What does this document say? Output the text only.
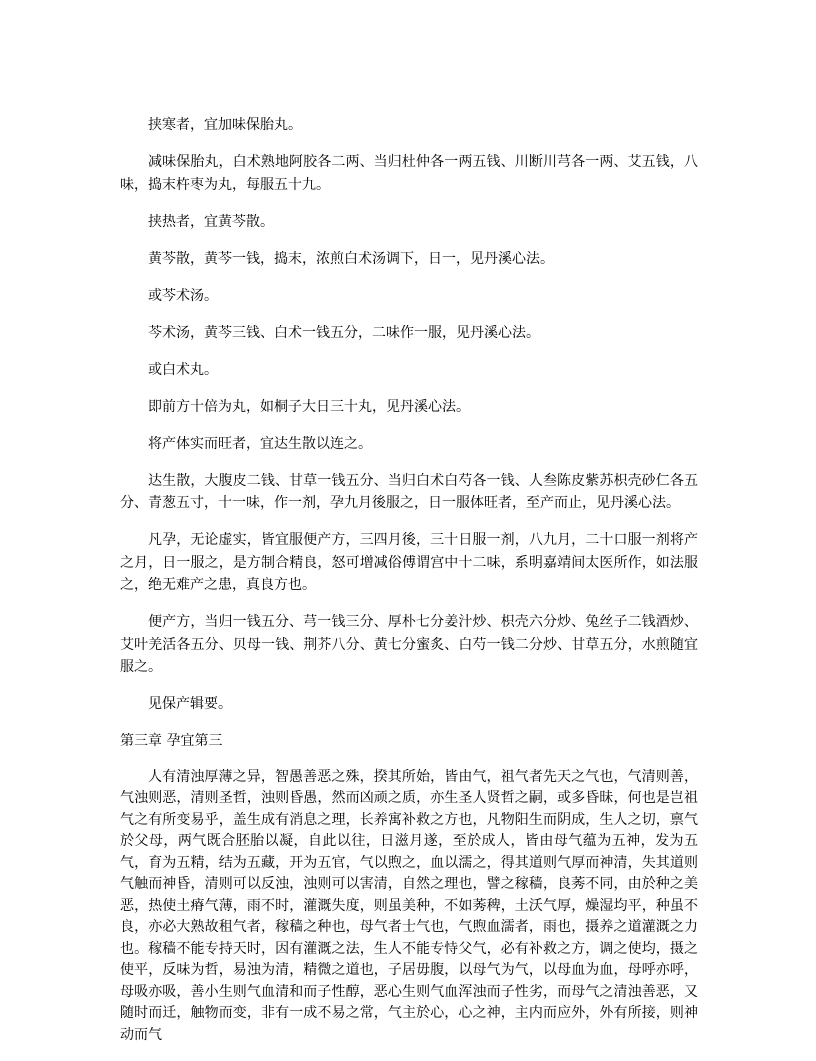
挟寒者，宜加味保胎丸。

减味保胎丸，白术熟地阿胶各二两、当归杜仲各一两五钱、川断川芎各一两、艾五钱，八味，捣末杵枣为丸，每服五十九。

挟热者，宜黄芩散。

黄芩散，黄芩一钱，捣末，浓煎白术汤调下，日一，见丹溪心法。

或芩术汤。

芩术汤，黄芩三钱、白术一钱五分，二味作一服，见丹溪心法。

或白术丸。

即前方十倍为丸，如桐子大日三十丸，见丹溪心法。

将产体实而旺者，宜达生散以连之。

达生散，大腹皮二钱、甘草一钱五分、当归白术白芍各一钱、人叁陈皮紫苏枳壳砂仁各五分、青葱五寸，十一味，作一剂，孕九月後服之，日一服体旺者，至产而止，见丹溪心法。

凡孕，无论虚实，皆宜服便产方，三四月後，三十日服一剂，八九月，二十口服一剂将产之月，日一服之，是方制合精良，怒可增减俗傅谓宫中十二味，系明嘉靖间太医所作，如法服之，绝无难产之患，真良方也。

便产方，当归一钱五分、芎一钱三分、厚朴七分姜汁炒、枳壳六分炒、兔丝子二钱酒炒、艾叶羌活各五分、贝母一钱、荆芥八分、黄七分蜜炙、白芍一钱二分炒、甘草五分，水煎随宜服之。

见保产辑要。

第三章 孕宜第三

人有清浊厚薄之异，智愚善恶之殊，揆其所始，皆由气，祖气者先天之气也，气清则善，气浊则恶，清则圣哲，浊则昏愚，然而凶顽之质，亦生圣人贤哲之嗣，或多昏昧，何也是岂祖气之有所变易乎，盖生成有消息之理，长养寓补救之方也，凡物阳生而阴成，生人之切，禀气於父母，两气既合胚胎以凝，自此以往，日滋月遂，至於成人，皆由母气蕴为五神，发为五气，育为五精，结为五藏，开为五官，气以煦之，血以濡之，得其道则气厚而神清，失其道则气触而神昏，清则可以反浊，浊则可以害清，自然之理也，譬之稼穑，良莠不同，由於种之美恶，热使土瘠气薄，雨不时，灌溉失度，则虽美种，不如莠稗，土沃气厚，燥湿均平，种虽不良，亦必大熟故租气者，稼穑之种也，母气者士气也，气煦血濡者，雨也，摄养之道灌溉之力也。稼穑不能专持天时，因有灌溉之法，生人不能专恃父气，必有补救之方，调之使均，摄之使平，反味为哲，易浊为清，精微之道也，子居毋腹，以母气为气，以母血为血，母呼亦呼，母吸亦吸，善小生则气血清和而子性醇，恶心生则气血浑浊而子性劣，而母气之清浊善恶，又随时而迁，触物而变，非有一成不易之常，气主於心，心之神，主内而应外，外有所接，则神动而气
